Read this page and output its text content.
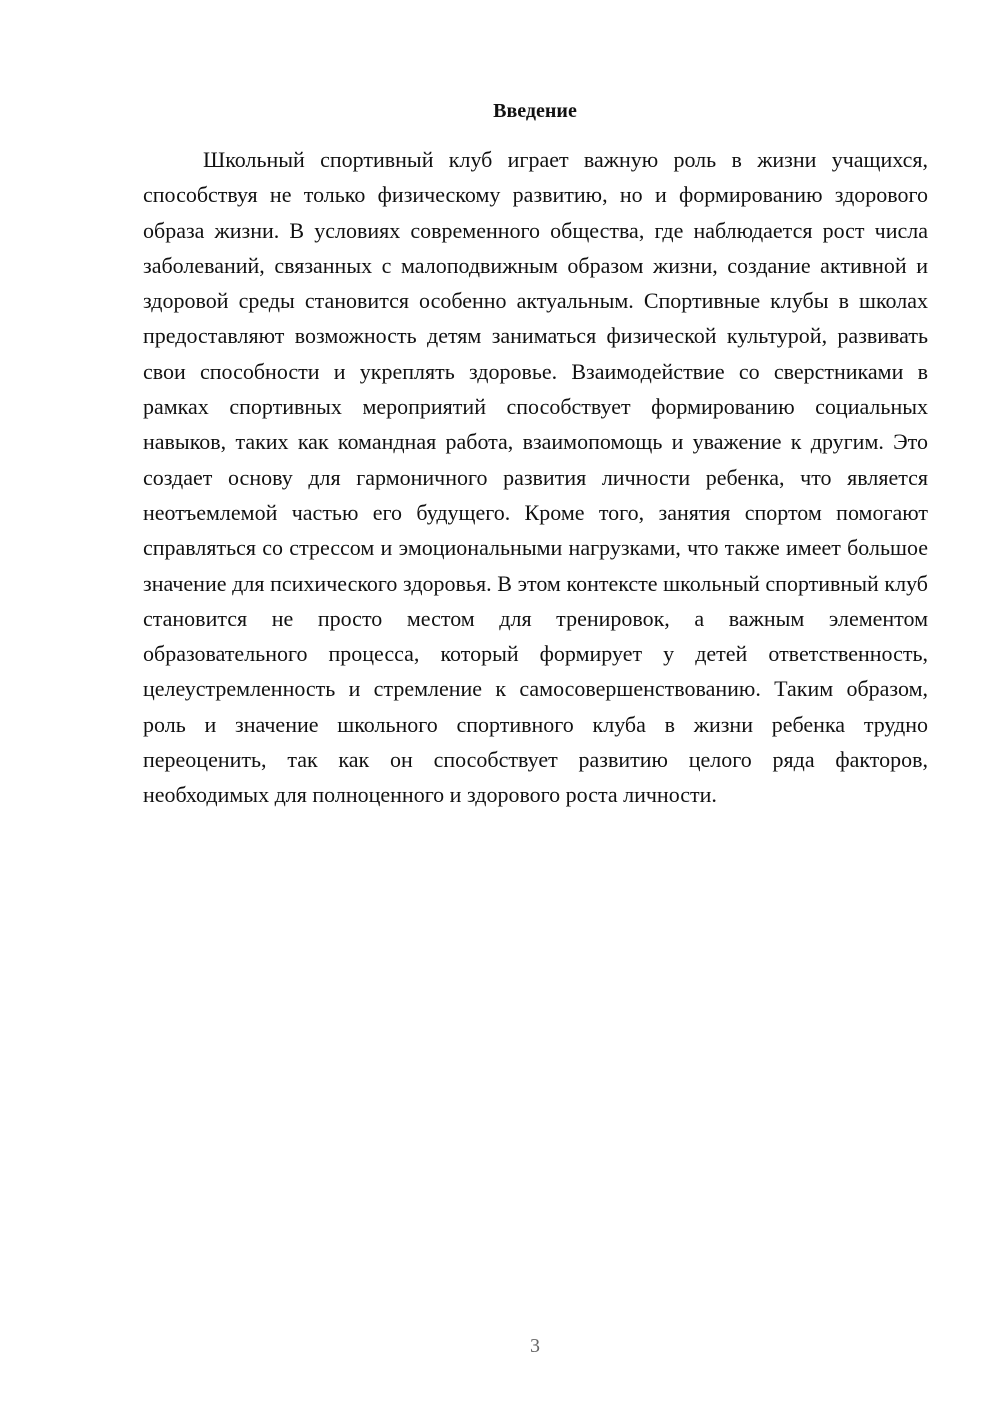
Введение

Школьный спортивный клуб играет важную роль в жизни учащихся, способствуя не только физическому развитию, но и формированию здорового образа жизни. В условиях современного общества, где наблюдается рост числа заболеваний, связанных с малоподвижным образом жизни, создание активной и здоровой среды становится особенно актуальным. Спортивные клубы в школах предоставляют возможность детям заниматься физической культурой, развивать свои способности и укреплять здоровье. Взаимодействие со сверстниками в рамках спортивных мероприятий способствует формированию социальных навыков, таких как командная работа, взаимопомощь и уважение к другим. Это создает основу для гармоничного развития личности ребенка, что является неотъемлемой частью его будущего. Кроме того, занятия спортом помогают справляться со стрессом и эмоциональными нагрузками, что также имеет большое значение для психического здоровья. В этом контексте школьный спортивный клуб становится не просто местом для тренировок, а важным элементом образовательного процесса, который формирует у детей ответственность, целеустремленность и стремление к самосовершенствованию. Таким образом, роль и значение школьного спортивного клуба в жизни ребенка трудно переоценить, так как он способствует развитию целого ряда факторов, необходимых для полноценного и здорового роста личности.

3
